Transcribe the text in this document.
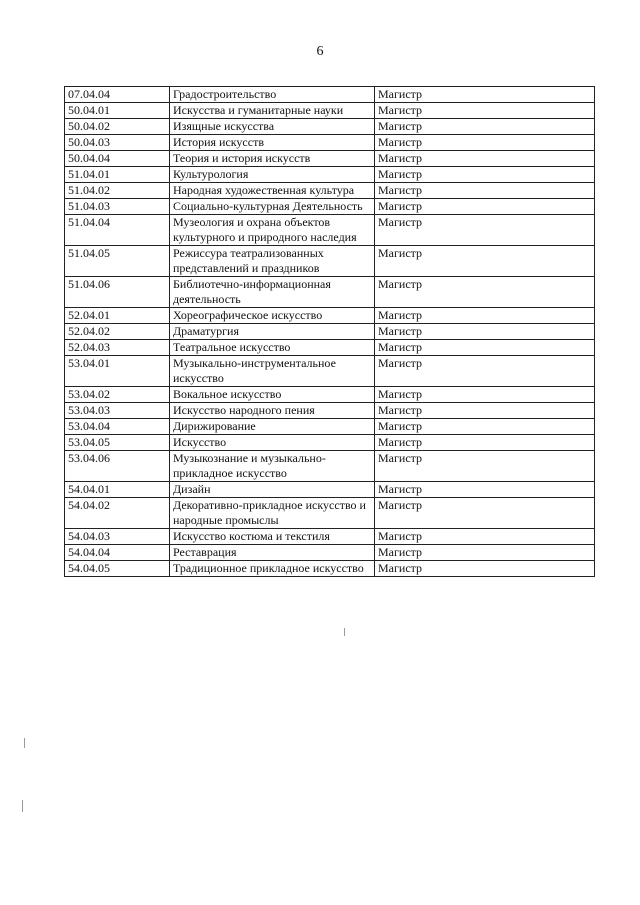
6
07.04.04	Градостроительство	Магистр
50.04.01	Искусства и гуманитарные науки	Магистр
50.04.02	Изящные искусства	Магистр
50.04.03	История искусств	Магистр
50.04.04	Теория и история искусств	Магистр
51.04.01	Культурология	Магистр
51.04.02	Народная художественная культура	Магистр
51.04.03	Социально-культурная Деятельность	Магистр
51.04.04	Музеология и охрана объектов культурного и природного наследия	Магистр
51.04.05	Режиссура театрализованных представлений и праздников	Магистр
51.04.06	Библиотечно-информационная деятельность	Магистр
52.04.01	Хореографическое искусство	Магистр
52.04.02	Драматургия	Магистр
52.04.03	Театральное искусство	Магистр
53.04.01	Музыкально-инструментальное искусство	Магистр
53.04.02	Вокальное искусство	Магистр
53.04.03	Искусство народного пения	Магистр
53.04.04	Дирижирование	Магистр
53.04.05	Искусство	Магистр
53.04.06	Музыкознание и музыкально-прикладное искусство	Магистр
54.04.01	Дизайн	Магистр
54.04.02	Декоративно-прикладное искусство и народные промыслы	Магистр
54.04.03	Искусство костюма и текстиля	Магистр
54.04.04	Реставрация	Магистр
54.04.05	Традиционное прикладное искусство	Магистр
